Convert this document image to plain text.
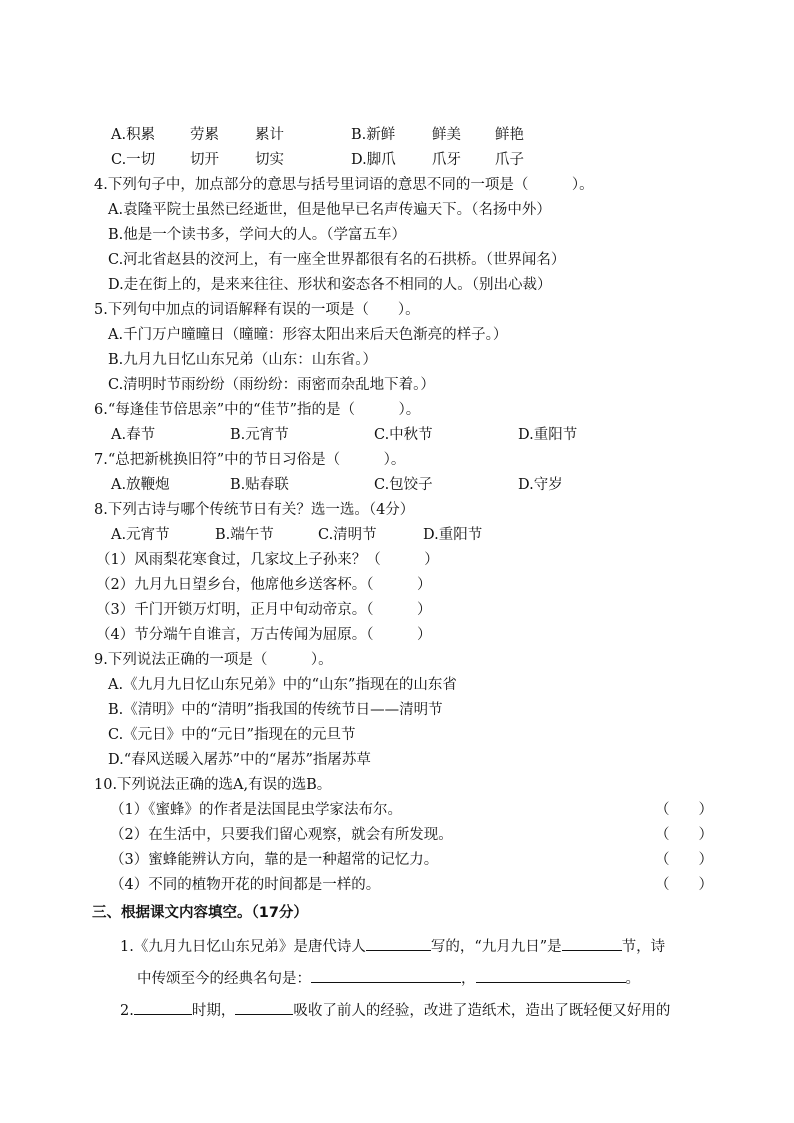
A.积累 劳累 累计	B.新鲜	鲜美 鲜艳
C.一切 切开 切实	D.脚爪	爪牙 爪子
4.下列句子中，加点部分的意思与括号里词语的意思不同的一项是（　　　）。
A.袁隆平院士虽然已经逝世，但是他早已名声传遍天下。（名扬中外）
B.他是一个读书多，学问大的人。（学富五车）
C.河北省赵县的洨河上，有一座全世界都很有名的石拱桥。（世界闻名）
D.走在街上的，是来来往往、形状和姿态各不相同的人。（别出心裁）
5.下列句中加点的词语解释有误的一项是（　　）。
A.千门万户曈曈日（曈曈：形容太阳出来后天色渐亮的样子。）
B.九月九日忆山东兄弟（山东：山东省。）
C.清明时节雨纷纷（雨纷纷：雨密而杂乱地下着。）
6.“每逢佳节倍思亲”中的“佳节”指的是（　　　）。
A.春节	B.元宵节	C.中秋节	D.重阳节
7.“总把新桃换旧符”中的节日习俗是（　　　）。
A.放鞭炮	B.贴春联	C.包饺子	D.守岁
8.下列古诗与哪个传统节日有关？选一选。（4分）
A.元宵节	B.端午节	C.清明节	D.重阳节
（1）风雨梨花寒食过，几家坟上子孙来？（　　　）
（2）九月九日望乡台，他席他乡送客杯。（　　　）
（3）千门开锁万灯明，正月中旬动帝京。（　　　）
（4）节分端午自谁言，万古传闻为屈原。（　　　）
9.下列说法正确的一项是（　　　）。
A.《九月九日忆山东兄弟》中的“山东”指现在的山东省
B.《清明》中的“清明”指我国的传统节日——清明节
C.《元日》中的“元日”指现在的元旦节
D.“春风送暖入屠苏”中的“屠苏”指屠苏草
10.下列说法正确的选A,有误的选B。
（1）《蜜蜂》的作者是法国昆虫学家法布尔。	（　　）
（2）在生活中，只要我们留心观察，就会有所发现。	（　　）
（3）蜜蜂能辨认方向，靠的是一种超常的记忆力。	（　　）
（4）不同的植物开花的时间都是一样的。	（　　）
三、根据课文内容填空。（17分）
1.《九月九日忆山东兄弟》是唐代诗人	写的，“九月九日”是	节，诗
中传颂至今的经典名句是：	，	。
2.	时期，	吸收了前人的经验，改进了造纸术，造出了既轻便又好用的
